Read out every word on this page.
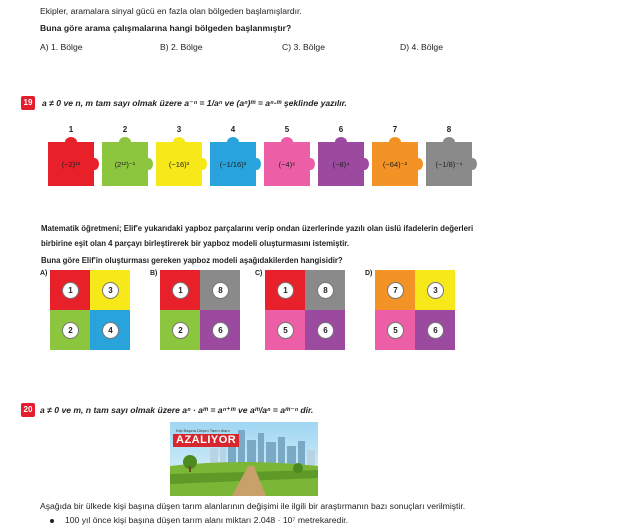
Ekipler, aramalara sinyal gücü en fazla olan bölgeden başlamışlardır.
Buna göre arama çalışmalarına hangi bölgeden başlanmıştır?
A) 1. Bölge	B) 2. Bölge	C) 3. Bölge	D) 4. Bölge
19 a ≠ 0 ve n, m tam sayı olmak üzere a⁻ⁿ = 1/aⁿ ve (aⁿ)ᵐ = aⁿ·ᵐ şeklinde yazılır.
1
(−2)¹²
2
(2¹²)⁻¹
3
(−16)³
4
(−1/16)³
5
(−4)⁶
6
(−8)⁴
7
(−64)⁻²
8
(−1/8)⁻⁴
Matematik öğretmeni; Elif'e yukarıdaki yapboz parçalarını verip ondan üzerlerinde yazılı olan üslü ifadelerin değerleri
birbirine eşit olan 4 parçayı birleştirerek bir yapboz modeli oluşturmasını istemiştir.
Buna göre Elif'in oluşturması gereken yapboz modeli aşağıdakilerden hangisidir?
A)
1	3
2	4
B)
1	8
2	6
C)
1	8
5	6
D)
7	3
5	6
20 a ≠ 0 ve m, n tam sayı olmak üzere aⁿ · aᵐ = aⁿ⁺ᵐ ve aᵐ/aⁿ = aᵐ⁻ⁿ dir.
Kişi Başına Düşen Tarım Alanı
AZALIYOR
Aşağıda bir ülkede kişi başına düşen tarım alanlarının değişimi ile ilgili bir araştırmanın bazı sonuçları verilmiştir.
100 yıl önce kişi başına düşen tarım alanı miktarı 2.048 · 10⁷ metrekaredir.
